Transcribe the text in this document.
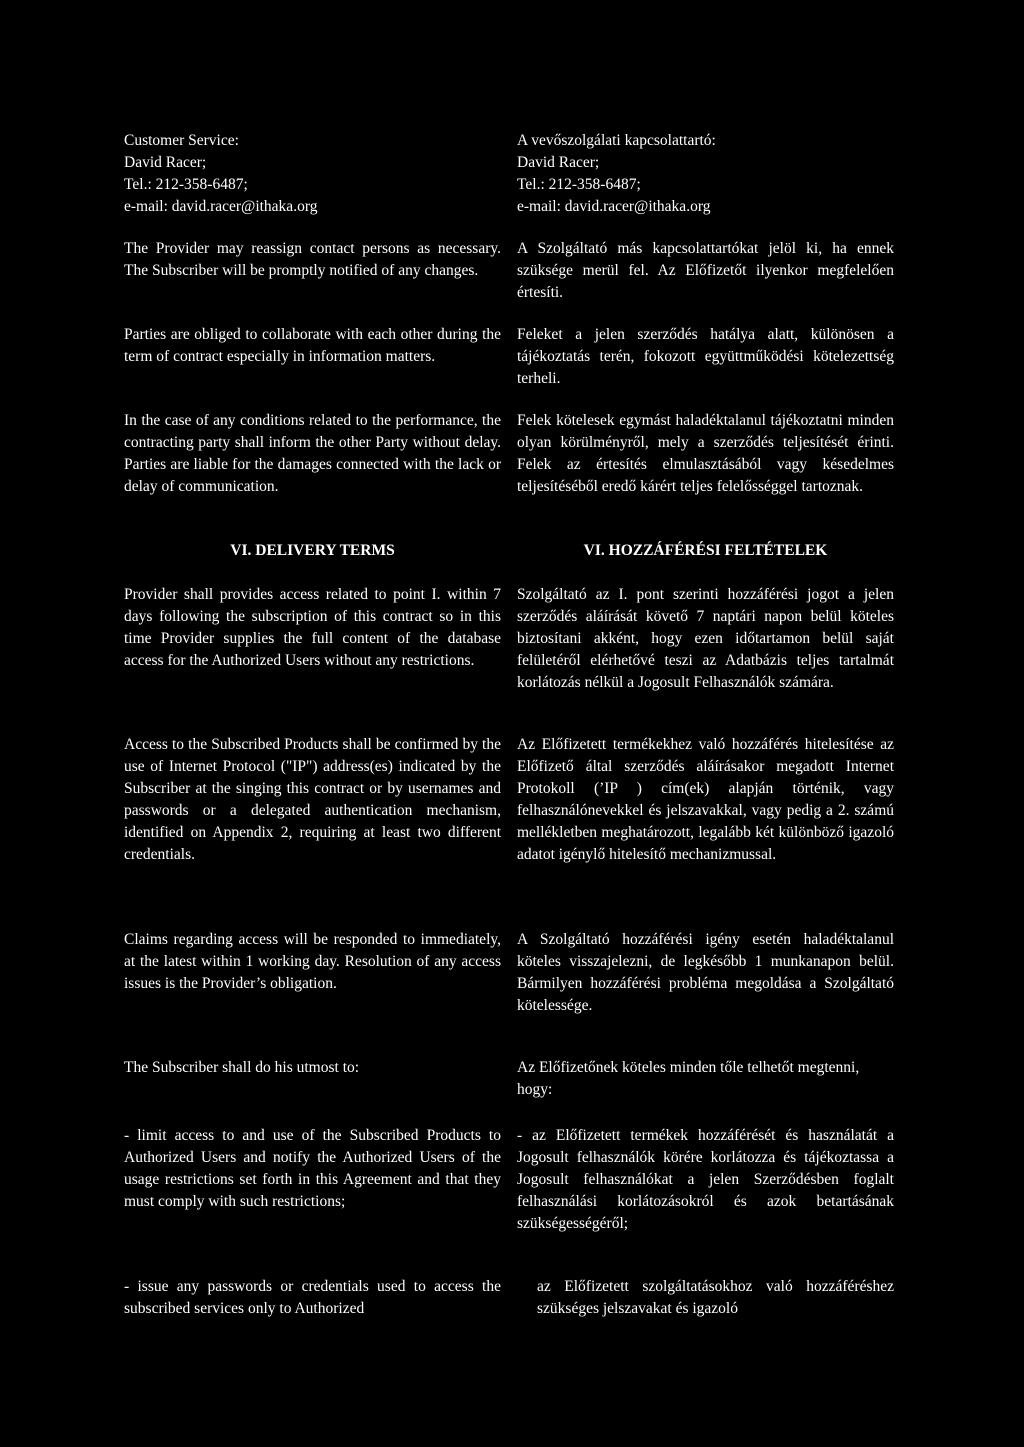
Customer Service:
David Racer;
Tel.: 212-358-6487;
e-mail: david.racer@ithaka.org

The Provider may reassign contact persons as necessary. The Subscriber will be promptly notified of any changes.

Parties are obliged to collaborate with each other during the term of contract especially in information matters.

In the case of any conditions related to the performance, the contracting party shall inform the other Party without delay. Parties are liable for the damages connected with the lack or delay of communication.

VI. DELIVERY TERMS

Provider shall provides access related to point I. within 7 days following the subscription of this contract so in this time Provider supplies the full content of the database access for the Authorized Users without any restrictions.

Access to the Subscribed Products shall be confirmed by the use of Internet Protocol ("IP") address(es) indicated by the Subscriber at the singing this contract or by usernames and passwords or a delegated authentication mechanism, identified on Appendix 2, requiring at least two different credentials.

Claims regarding access will be responded to immediately, at the latest within 1 working day. Resolution of any access issues is the Provider’s obligation.

The Subscriber shall do his utmost to:

- limit access to and use of the Subscribed Products to Authorized Users and notify the Authorized Users of the usage restrictions set forth in this Agreement and that they must comply with such restrictions;

- issue any passwords or credentials used to access the subscribed services only to Authorized

A vevőszolgálati kapcsolattartó:
David Racer;
Tel.: 212-358-6487;
e-mail: david.racer@ithaka.org

A Szolgáltató más kapcsolattartókat jelöl ki, ha ennek szüksége merül fel. Az Előfizetőt ilyenkor megfelelően értesíti.

Feleket a jelen szerződés hatálya alatt, különösen a tájékoztatás terén, fokozott együttműködési kötelezettség terheli.

Felek kötelesek egymást haladéktalanul tájékoztatni minden olyan körülményről, mely a szerződés teljesítését érinti. Felek az értesítés elmulasztásából vagy késedelmes teljesítéséből eredő kárért teljes felelősséggel tartoznak.

VI. HOZZÁFÉRÉSI FELTÉTELEK

Szolgáltató az I. pont szerinti hozzáférési jogot a jelen szerződés aláírását követő 7 naptári napon belül köteles biztosítani akként, hogy ezen időtartamon belül saját felületéről elérhetővé teszi az Adatbázis teljes tartalmát korlátozás nélkül a Jogosult Felhasználók számára.

Az Előfizetett termékekhez való hozzáférés hitelesítése az Előfizető által szerződés aláírásakor megadott Internet Protokoll (’IP ) cím(ek) alapján történik, vagy felhasználónevekkel és jelszavakkal, vagy pedig a 2. számú mellékletben meghatározott, legalább két különböző igazoló adatot igénylő hitelesítő mechanizmussal.

A Szolgáltató hozzáférési igény esetén haladéktalanul köteles visszajelezni, de legkésőbb 1 munkanapon belül. Bármilyen hozzáférési probléma megoldása a Szolgáltató kötelessége.

Az Előfizetőnek köteles minden tőle telhetőt megtenni, hogy:

- az Előfizetett termékek hozzáférését és használatát a Jogosult felhasználók körére korlátozza és tájékoztassa a Jogosult felhasználókat a jelen Szerződésben foglalt felhasználási korlátozásokról és azok betartásának szükségességéről;

az Előfizetett szolgáltatásokhoz való hozzáféréshez szükséges jelszavakat és igazoló
